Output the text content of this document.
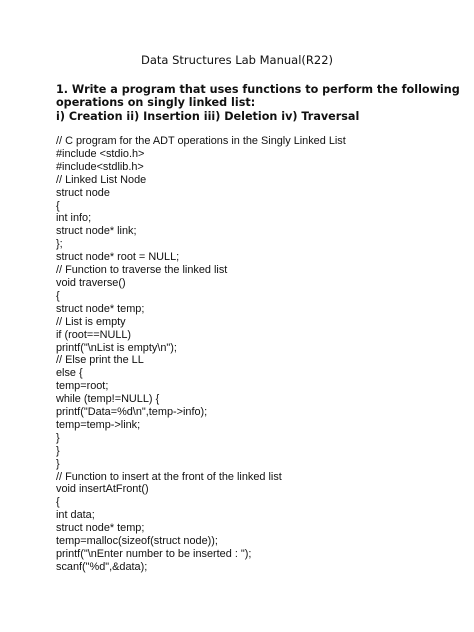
Data Structures Lab Manual(R22)
1. Write a program that uses functions to perform the following
operations on singly linked list:
i) Creation ii) Insertion iii) Deletion iv) Traversal
// C program for the ADT operations in the Singly Linked List
#include <stdio.h>
#include<stdlib.h>
// Linked List Node
struct node
{
int info;
struct node* link;
};
struct node* root = NULL;
// Function to traverse the linked list
void traverse()
{
struct node* temp;
// List is empty
if (root==NULL)
printf("\nList is empty\n");
// Else print the LL
else {
temp=root;
while (temp!=NULL) {
printf("Data=%d\n",temp->info);
temp=temp->link;
}
}
}
// Function to insert at the front of the linked list
void insertAtFront()
{
int data;
struct node* temp;
temp=malloc(sizeof(struct node));
printf("\nEnter number to be inserted : ");
scanf("%d",&data);
